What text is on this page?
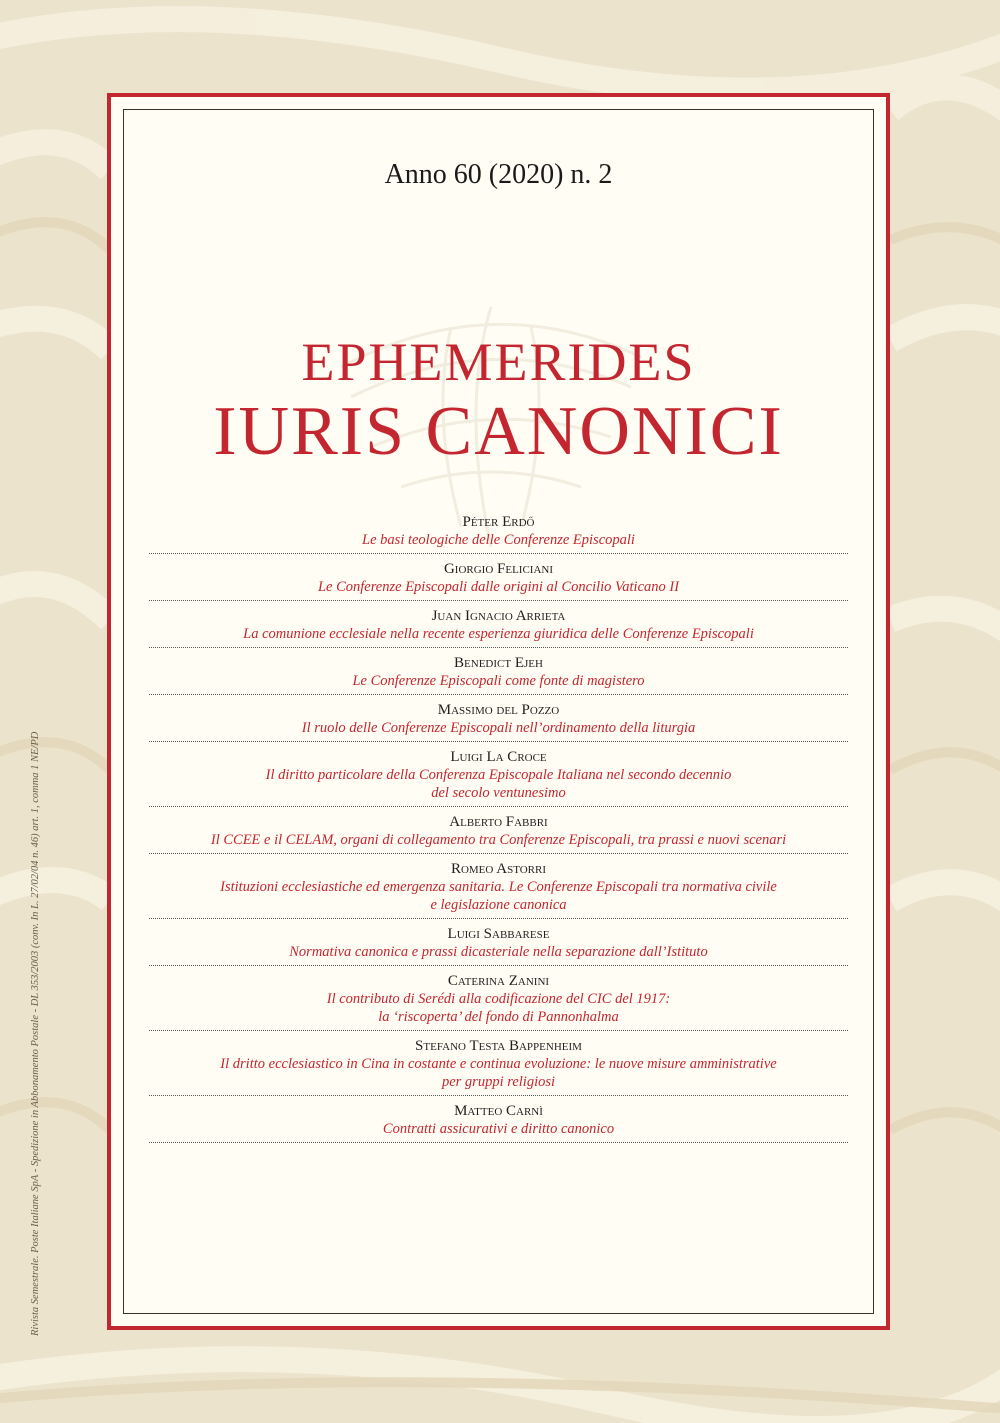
Rivista Semestrale. Poste Italiane SpA - Spedizione in Abbonamento Postale - DL 353/2003 (conv. In L. 27/02/04 n. 46) art. 1, comma 1 NE/PD
Anno 60 (2020) n. 2
EPHEMERIDES
IURIS CANONICI
Péter Erdő
Le basi teologiche delle Conferenze Episcopali
Giorgio Feliciani
Le Conferenze Episcopali dalle origini al Concilio Vaticano II
Juan Ignacio Arrieta
La comunione ecclesiale nella recente esperienza giuridica delle Conferenze Episcopali
Benedict Ejeh
Le Conferenze Episcopali come fonte di magistero
Massimo del Pozzo
Il ruolo delle Conferenze Episcopali nell’ordinamento della liturgia
Luigi La Croce
Il diritto particolare della Conferenza Episcopale Italiana nel secondo decennio
del secolo ventunesimo
Alberto Fabbri
Il CCEE e il CELAM, organi di collegamento tra Conferenze Episcopali, tra prassi e nuovi scenari
Romeo Astorri
Istituzioni ecclesiastiche ed emergenza sanitaria. Le Conferenze Episcopali tra normativa civile
e legislazione canonica
Luigi Sabbarese
Normativa canonica e prassi dicasteriale nella separazione dall’Istituto
Caterina Zanini
Il contributo di Serédi alla codificazione del CIC del 1917:
la ‘riscoperta’ del fondo di Pannonhalma
Stefano Testa Bappenheim
Il dritto ecclesiastico in Cina in costante e continua evoluzione: le nuove misure amministrative
per gruppi religiosi
Matteo Carnì
Contratti assicurativi e diritto canonico
